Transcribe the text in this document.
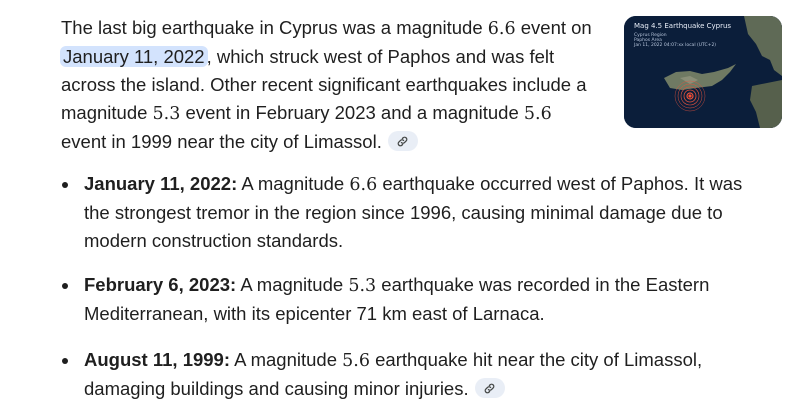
The last big earthquake in Cyprus was a magnitude 6.6 event on January 11, 2022 , which struck west of Paphos and was felt across the island. Other recent significant earthquakes include a magnitude 5.3 event in February 2023 and a magnitude 5.6 event in 1999 near the city of Limassol.

Mag 4.5 Earthquake Cyprus
Cyprus Region
Paphos Area
Jan 11, 2022 04:07:xx local (UTC+2)
January 11, 2022: A magnitude 6.6 earthquake occurred west of Paphos. It was the strongest tremor in the region since 1996, causing minimal damage due to modern construction standards.
February 6, 2023: A magnitude 5.3 earthquake was recorded in the Eastern Mediterranean, with its epicenter 71 km east of Larnaca.
August 11, 1999: A magnitude 5.6 earthquake hit near the city of Limassol, damaging buildings and causing minor injuries.
